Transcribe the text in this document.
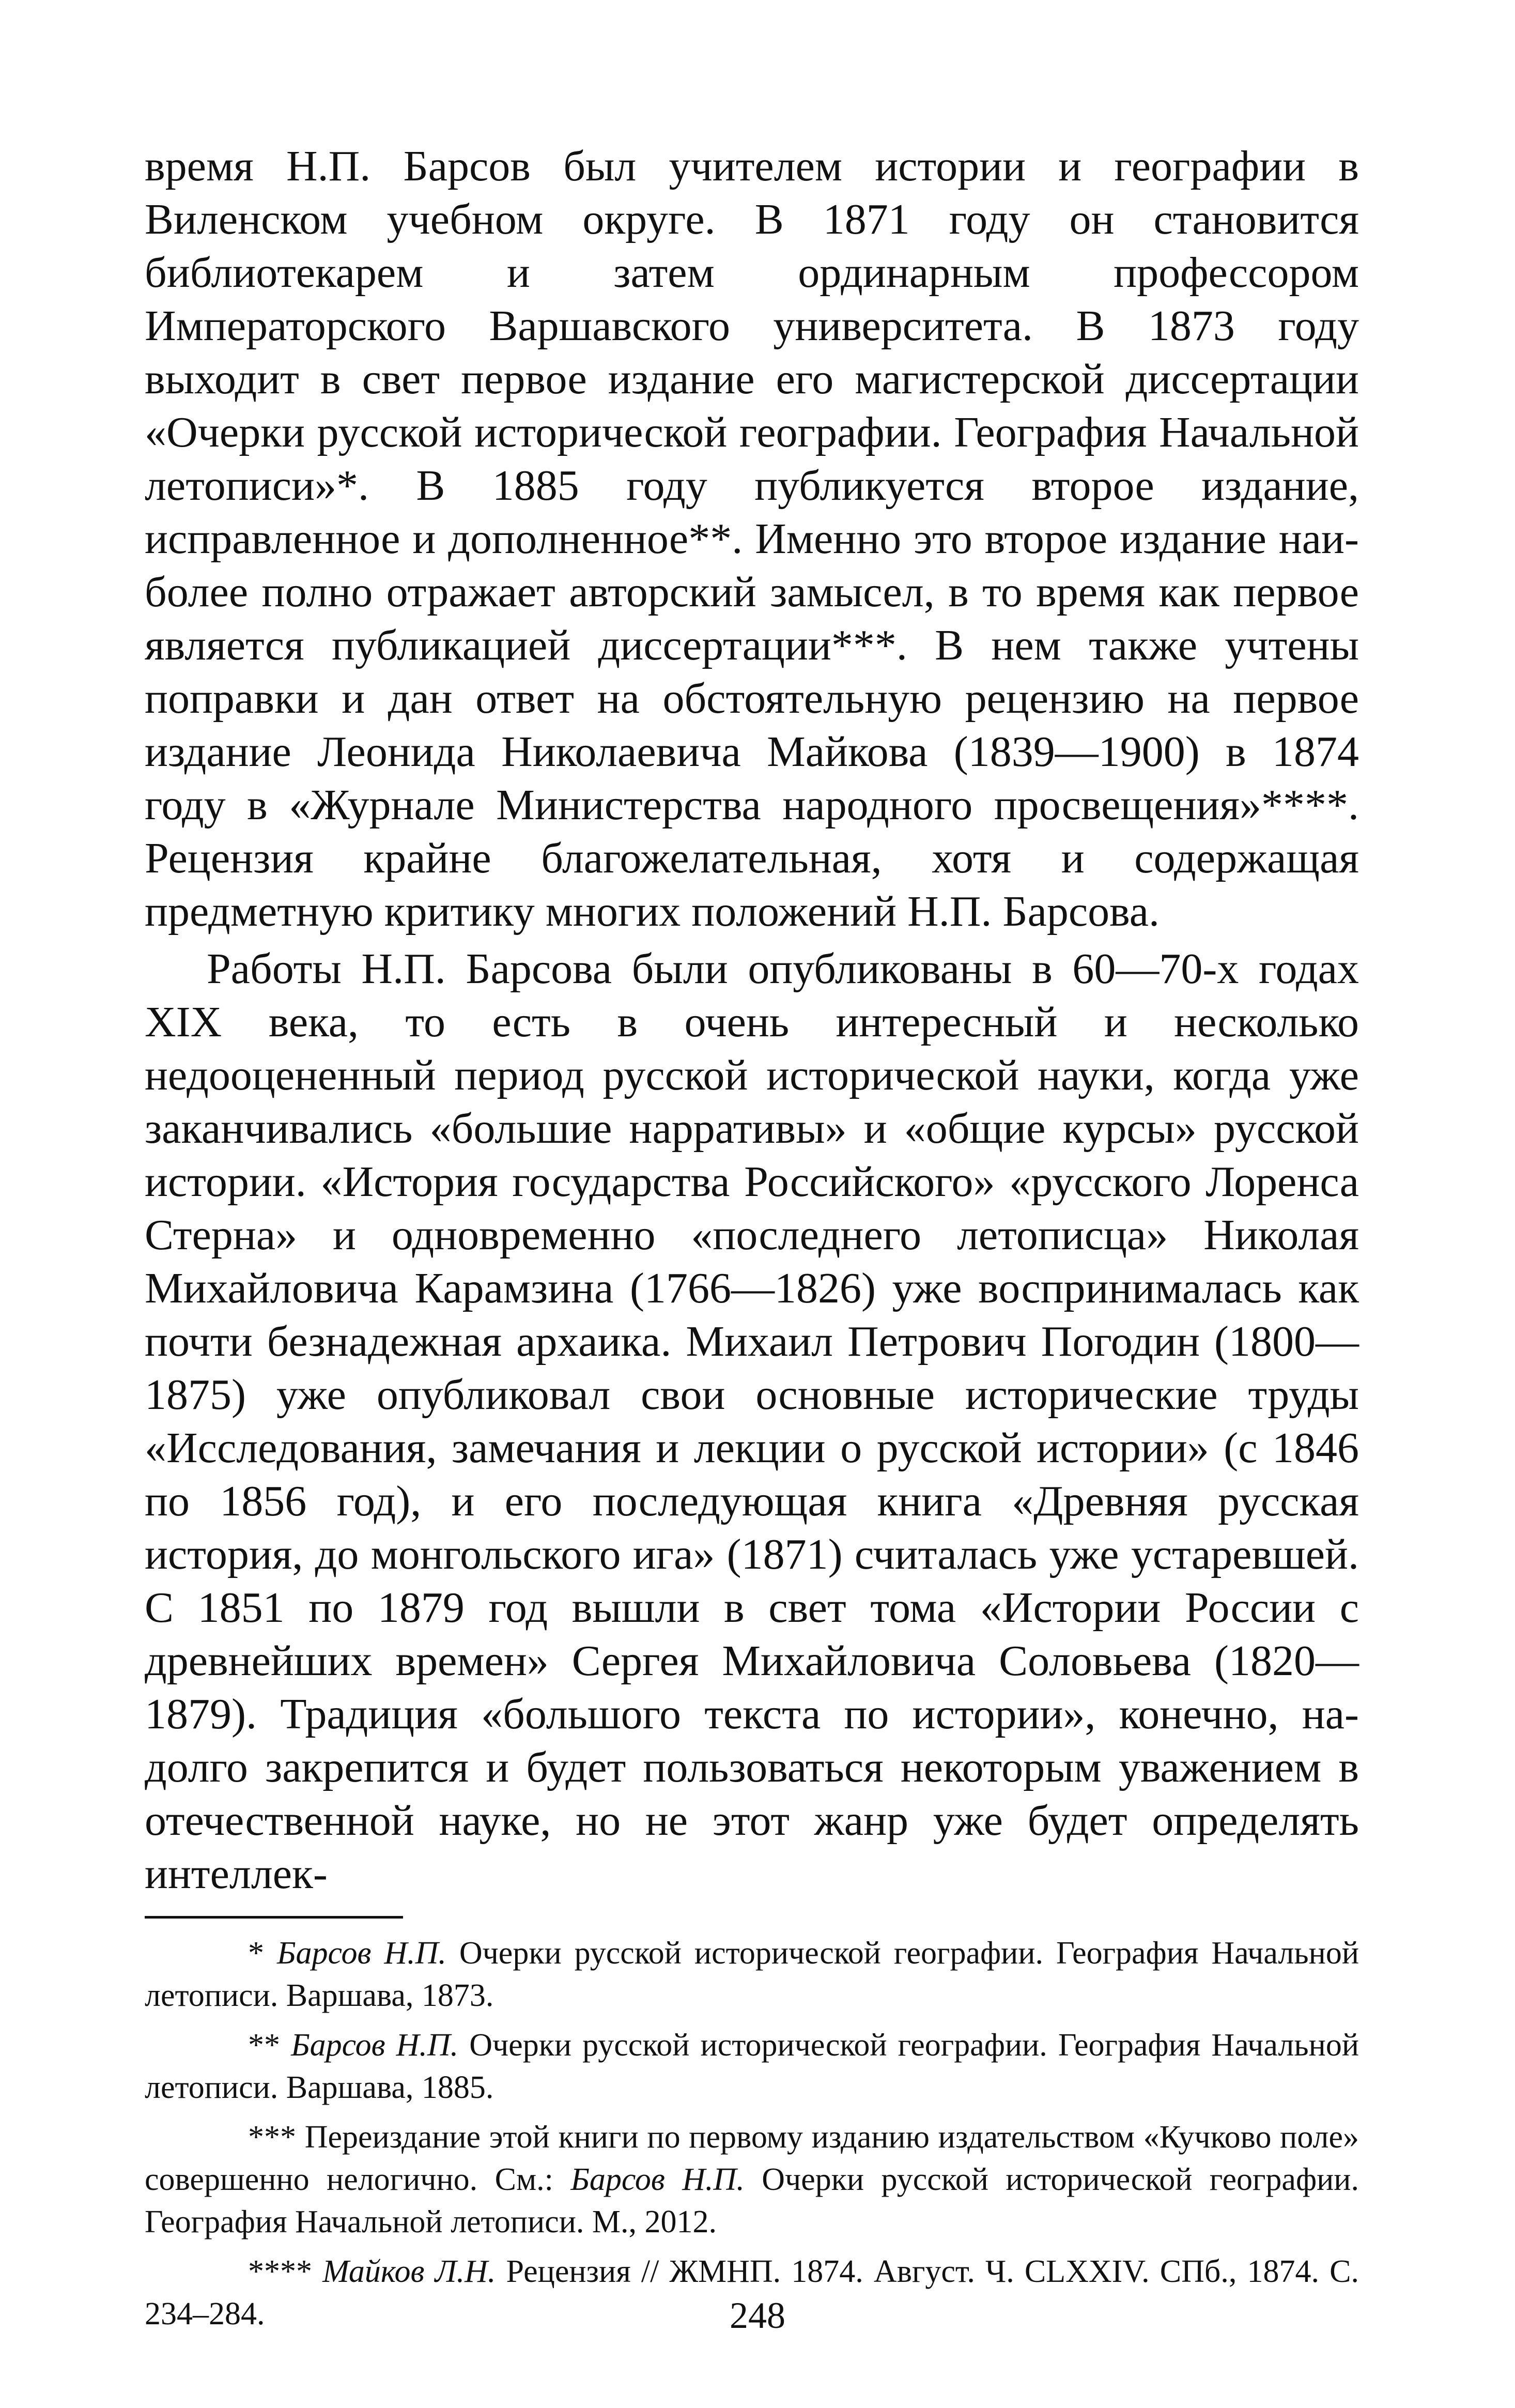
время Н.П. Барсов был учителем истории и географии в Виленском учебном округе. В 1871 году он становится библиотекарем и затем ординарным профессором Императорского Варшавского университета. В 1873 году выходит в свет первое издание его магистерской диссертации «Очерки русской исторической географии. География Начальной летописи»*. В 1885 году публикуется второе издание, исправленное и дополненное**. Именно это второе издание наиболее полно отражает авторский замысел, в то время как первое является публикацией диссертации***. В нем также учтены поправки и дан ответ на обстоятельную рецензию на первое издание Леонида Николаевича Майкова (1839—1900) в 1874 году в «Журнале Министерства народного просвещения»****. Рецензия крайне благожелательная, хотя и содержащая предметную критику многих положений Н.П. Барсова.

Работы Н.П. Барсова были опубликованы в 60—70-х годах XIX века, то есть в очень интересный и несколько недооцененный период русской исторической науки, когда уже заканчивались «большие нарративы» и «общие курсы» русской истории. «История государства Российского» «русского Лоренса Стерна» и одновременно «последнего летописца» Николая Михайловича Карамзина (1766—1826) уже воспринималась как почти безнадежная архаика. Михаил Петрович Погодин (1800—1875) уже опубликовал свои основные исторические труды «Исследования, замечания и лекции о русской истории» (с 1846 по 1856 год), и его последующая книга «Древняя русская история, до монгольского ига» (1871) считалась уже устаревшей. С 1851 по 1879 год вышли в свет тома «Истории России с древнейших времен» Сергея Михайловича Соловьева (1820—1879). Традиция «большого текста по истории», конечно, надолго закрепится и будет пользоваться некоторым уважением в отечественной науке, но не этот жанр уже будет определять интеллек-

* Барсов Н.П. Очерки русской исторической географии. География Начальной летописи. Варшава, 1873.

** Барсов Н.П. Очерки русской исторической географии. География Начальной летописи. Варшава, 1885.

*** Переиздание этой книги по первому изданию издательством «Кучково поле» совершенно нелогично. См.: Барсов Н.П. Очерки русской исторической географии. География Начальной летописи. М., 2012.

**** Майков Л.Н. Рецензия // ЖМНП. 1874. Август. Ч. CLXXIV. СПб., 1874. С. 234–284.	248
